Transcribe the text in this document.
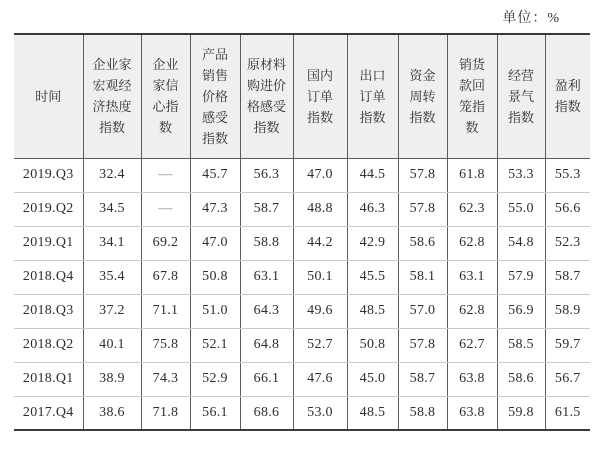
单位：%
时间	企业家
宏观经
济热度
指数	企业
家信
心指
数	产品
销售
价格
感受
指数	原材料
购进价
格感受
指数	国内
订单
指数	出口
订单
指数	资金
周转
指数	销货
款回
笼指
数	经营
景气
指数	盈利
指数
2019.Q3	32.4	—	45.7	56.3	47.0	44.5	57.8	61.8	53.3	55.3
2019.Q2	34.5	—	47.3	58.7	48.8	46.3	57.8	62.3	55.0	56.6
2019.Q1	34.1	69.2	47.0	58.8	44.2	42.9	58.6	62.8	54.8	52.3
2018.Q4	35.4	67.8	50.8	63.1	50.1	45.5	58.1	63.1	57.9	58.7
2018.Q3	37.2	71.1	51.0	64.3	49.6	48.5	57.0	62.8	56.9	58.9
2018.Q2	40.1	75.8	52.1	64.8	52.7	50.8	57.8	62.7	58.5	59.7
2018.Q1	38.9	74.3	52.9	66.1	47.6	45.0	58.7	63.8	58.6	56.7
2017.Q4	38.6	71.8	56.1	68.6	53.0	48.5	58.8	63.8	59.8	61.5
